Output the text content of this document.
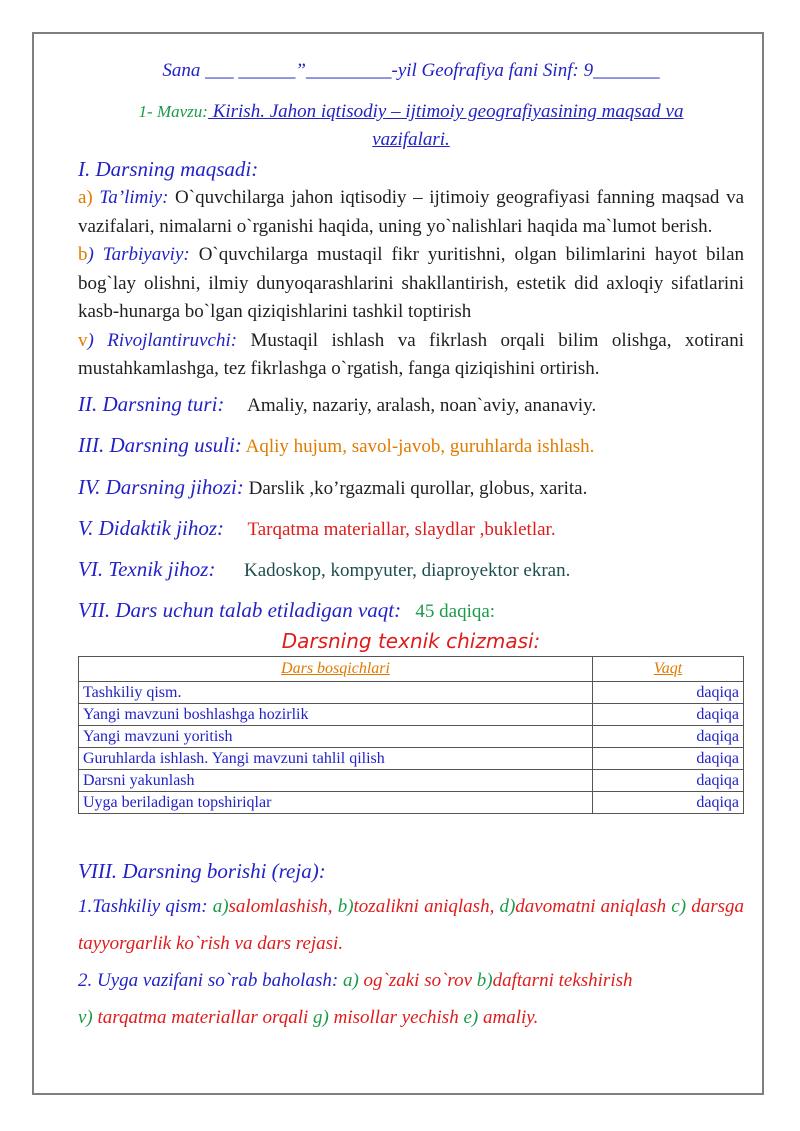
Sana ___ ______”_________-yil Geofrafiya fani Sinf: 9_______

1- Mavzu: Kirish. Jahon iqtisodiy – ijtimoiy geografiyasining maqsad va
vazifalari.

I. Darsning maqsadi:

a) Ta’limiy: O`quvchilarga jahon iqtisodiy – ijtimoiy geografiyasi fanning maqsad va vazifalari, nimalarni o`rganishi haqida, uning yo`nalishlari haqida ma`lumot berish.

b) Tarbiyaviy: O`quvchilarga mustaqil fikr yuritishni, olgan bilimlarini hayot bilan bog`lay olishni, ilmiy dunyoqarashlarini shakllantirish, estetik did axloqiy sifatlarini kasb-hunarga bo`lgan qiziqishlarini tashkil toptirish

v) Rivojlantiruvchi: Mustaqil ishlash va fikrlash orqali bilim olishga, xotirani mustahkamlashga, tez fikrlashga o`rgatish, fanga qiziqishini ortirish.

II. Darsning turi: Amaliy, nazariy, aralash, noan`aviy, ananaviy.

III. Darsning usuli: Aqliy hujum, savol-javob, guruhlarda ishlash.

IV. Darsning jihozi: Darslik ,ko’rgazmali qurollar, globus, xarita.

V. Didaktik jihoz: Tarqatma materiallar, slaydlar ,bukletlar.

VI. Texnik jihoz: Kadoskop, kompyuter, diaproyektor ekran.

VII. Dars uchun talab etiladigan vaqt: 45 daqiqa:

Darsning texnik chizmasi:

Dars bosqichlari	Vaqt
Tashkiliy qism.	daqiqa
Yangi mavzuni boshlashga hozirlik	daqiqa
Yangi mavzuni yoritish	daqiqa
Guruhlarda ishlash. Yangi mavzuni tahlil qilish	daqiqa
Darsni yakunlash	daqiqa
Uyga beriladigan topshiriqlar	daqiqa

VIII. Darsning borishi (reja):

1.Tashkiliy qism: a)salomlashish, b)tozalikni aniqlash, d)davomatni aniqlash c) darsga tayyorgarlik ko`rish va dars rejasi.

2. Uyga vazifani so`rab baholash: a) og`zaki so`rov b)daftarni tekshirish

v) tarqatma materiallar orqali g) misollar yechish e) amaliy.
